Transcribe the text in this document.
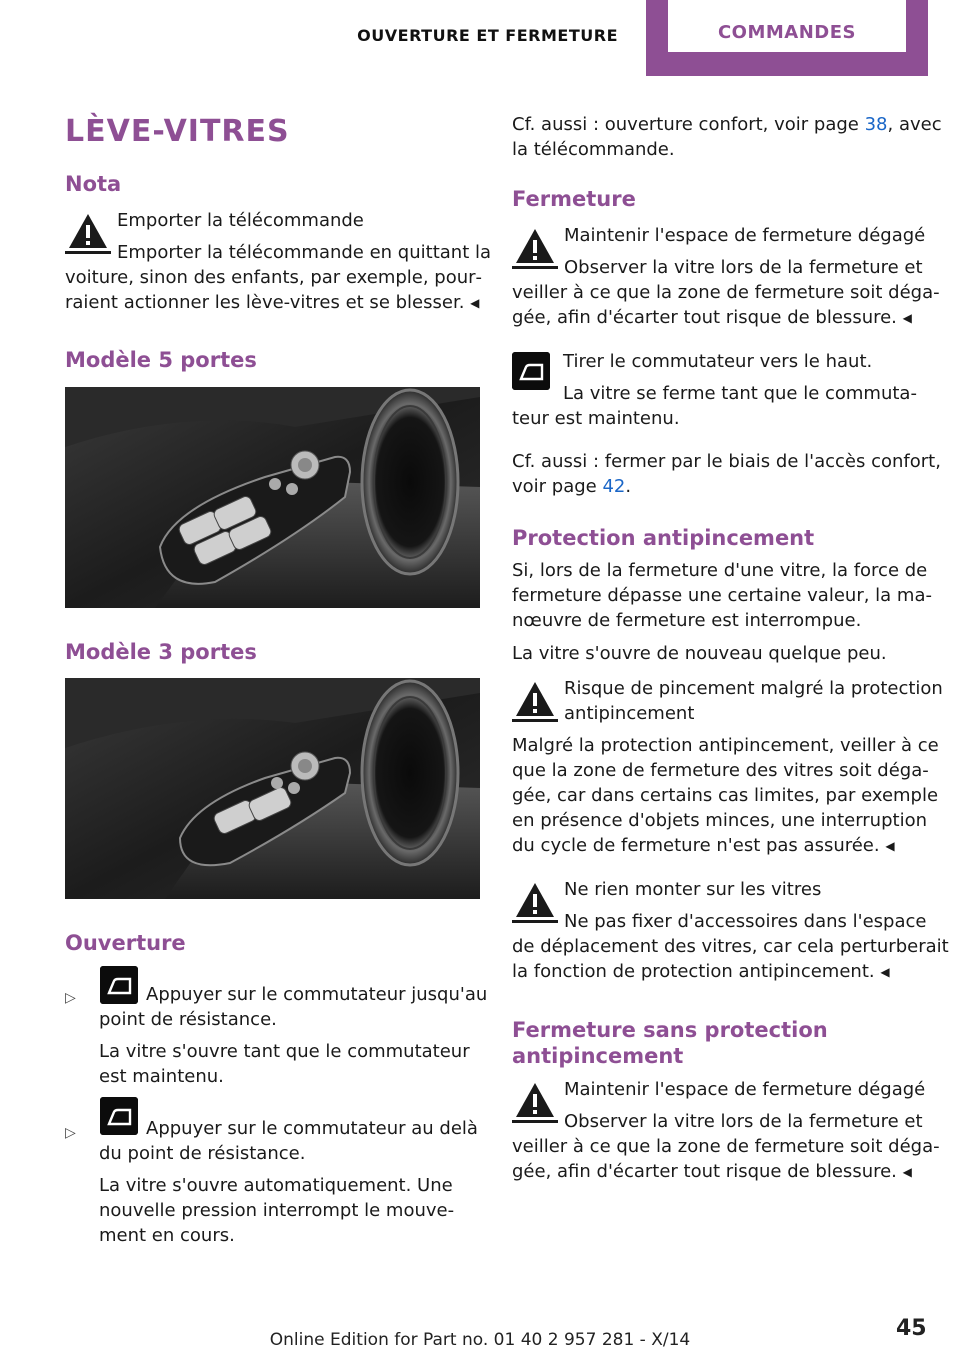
OUVERTURE ET FERMETURE	COMMANDES
LÈVE-VITRES
Nota
Emporter la télécommande
Emporter la télécommande en quittant la
voiture, sinon des enfants, par exemple, pour‐
raient actionner les lève-vitres et se blesser. ◀
Modèle 5 portes
Modèle 3 portes
Ouverture
▷	Appuyer sur le commutateur jusqu'au
point de résistance.
La vitre s'ouvre tant que le commutateur
est maintenu.
▷	Appuyer sur le commutateur au delà
du point de résistance.
La vitre s'ouvre automatiquement. Une
nouvelle pression interrompt le mouve‐
ment en cours.
Cf. aussi : ouverture confort, voir page 38, avec
la télécommande.
Fermeture
Maintenir l'espace de fermeture dégagé
Observer la vitre lors de la fermeture et
veiller à ce que la zone de fermeture soit déga‐
gée, afin d'écarter tout risque de blessure. ◀
Tirer le commutateur vers le haut.
La vitre se ferme tant que le commuta‐
teur est maintenu.
Cf. aussi : fermer par le biais de l'accès confort,
voir page 42.
Protection antipincement
Si, lors de la fermeture d'une vitre, la force de
fermeture dépasse une certaine valeur, la ma‐
nœuvre de fermeture est interrompue.
La vitre s'ouvre de nouveau quelque peu.
Risque de pincement malgré la protection
antipincement
Malgré la protection antipincement, veiller à ce
que la zone de fermeture des vitres soit déga‐
gée, car dans certains cas limites, par exemple
en présence d'objets minces, une interruption
du cycle de fermeture n'est pas assurée. ◀
Ne rien monter sur les vitres
Ne pas fixer d'accessoires dans l'espace
de déplacement des vitres, car cela perturberait
la fonction de protection antipincement. ◀
Fermeture sans protection
antipincement
Maintenir l'espace de fermeture dégagé
Observer la vitre lors de la fermeture et
veiller à ce que la zone de fermeture soit déga‐
gée, afin d'écarter tout risque de blessure. ◀
45
Online Edition for Part no. 01 40 2 957 281 - X/14
